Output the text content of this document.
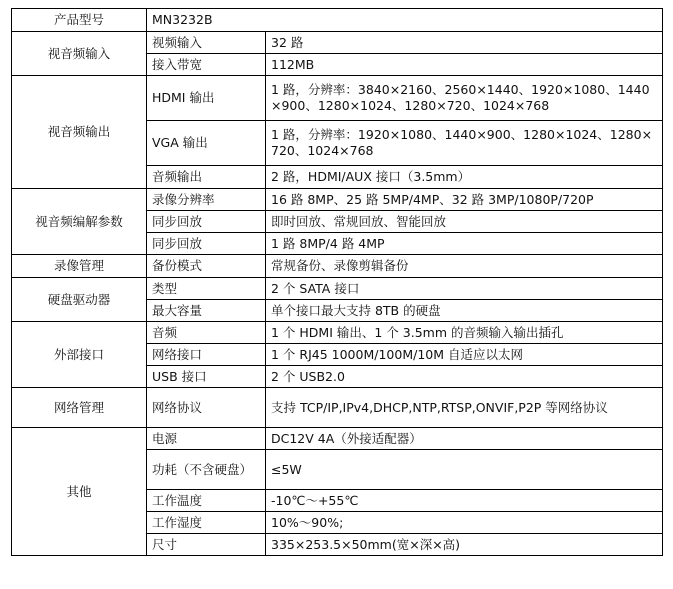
产品型号	MN3232B	
视音频输入	视频输入	32 路
	接入带宽	112MB
视音频输出	HDMI 输出	1 路，分辨率：3840×2160、2560×1440、1920×1080、1440×900、1280×1024、1280×720、1024×768
	VGA 输出	1 路，分辨率：1920×1080、1440×900、1280×1024、1280×720、1024×768
	音频输出	2 路，HDMI/AUX 接口（3.5mm）
视音频编解参数	录像分辨率	16 路 8MP、25 路 5MP/4MP、32 路 3MP/1080P/720P
	同步回放	即时回放、常规回放、智能回放
	同步回放	1 路 8MP/4 路 4MP
录像管理	备份模式	常规备份、录像剪辑备份
硬盘驱动器	类型	2 个 SATA 接口
	最大容量	单个接口最大支持 8TB 的硬盘
外部接口	音频	1 个 HDMI 输出、1 个 3.5mm 的音频输入输出插孔
	网络接口	1 个 RJ45 1000M/100M/10M 自适应以太网
	USB 接口	2 个 USB2.0
网络管理	网络协议	支持 TCP/IP,IPv4,DHCP,NTP,RTSP,ONVIF,P2P 等网络协议
其他	电源	DC12V 4A（外接适配器）
	功耗（不含硬盘）	≤5W
	工作温度	-10℃～+55℃
	工作湿度	10%～90%;
	尺寸	335×253.5×50mm(宽×深×高)
